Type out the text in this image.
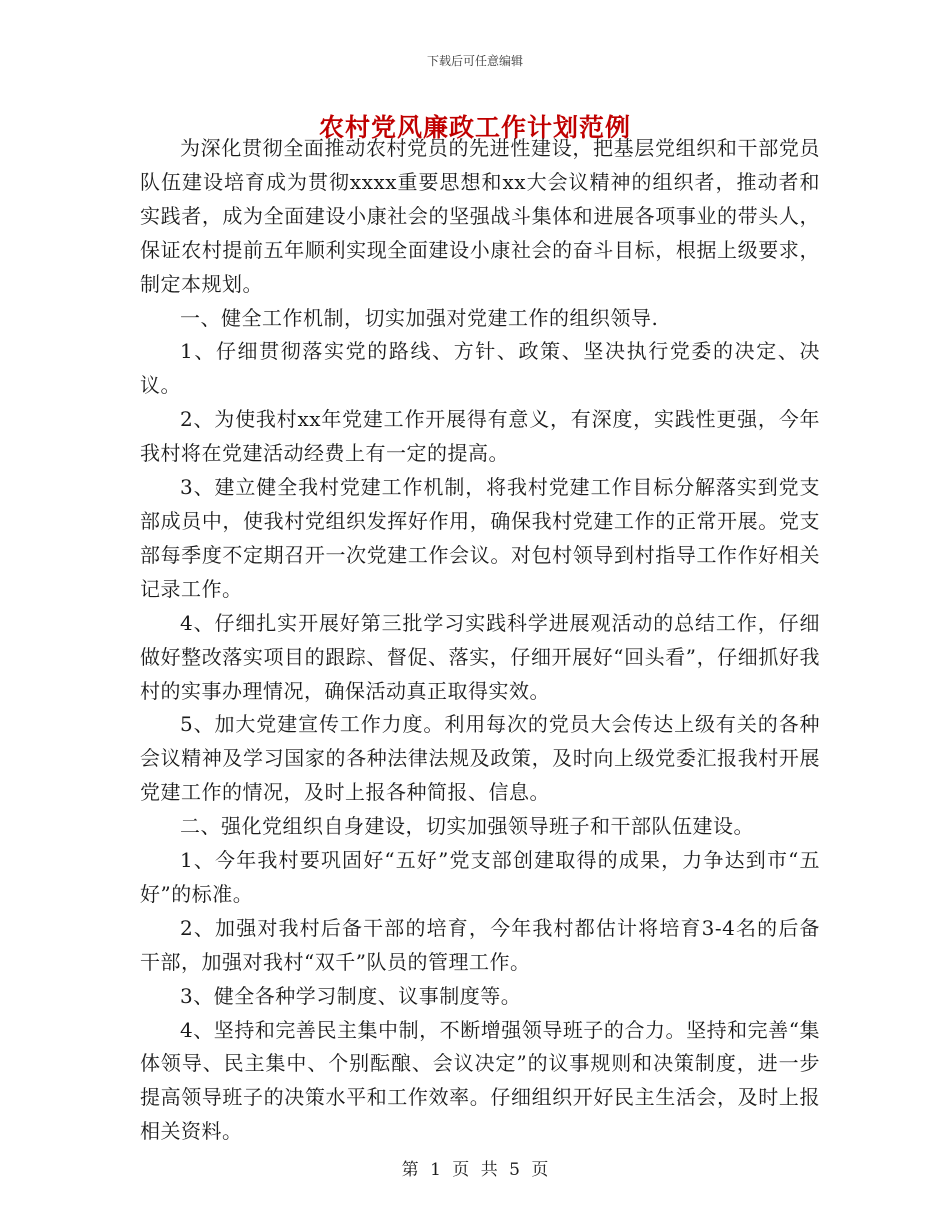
下载后可任意编辑
农村党风廉政工作计划范例

为深化贯彻全面推动农村党员的先进性建设，把基层党组织和干部党员队伍建设培育成为贯彻xxxx重要思想和xx大会议精神的组织者，推动者和实践者，成为全面建设小康社会的坚强战斗集体和进展各项事业的带头人，保证农村提前五年顺利实现全面建设小康社会的奋斗目标，根据上级要求，制定本规划。

一、健全工作机制，切实加强对党建工作的组织领导.

1、仔细贯彻落实党的路线、方针、政策、坚决执行党委的决定、决议。

2、为使我村xx年党建工作开展得有意义，有深度，实践性更强，今年我村将在党建活动经费上有一定的提高。

3、建立健全我村党建工作机制，将我村党建工作目标分解落实到党支部成员中，使我村党组织发挥好作用，确保我村党建工作的正常开展。党支部每季度不定期召开一次党建工作会议。对包村领导到村指导工作作好相关记录工作。

4、仔细扎实开展好第三批学习实践科学进展观活动的总结工作，仔细做好整改落实项目的跟踪、督促、落实，仔细开展好“回头看”，仔细抓好我村的实事办理情况，确保活动真正取得实效。

5、加大党建宣传工作力度。利用每次的党员大会传达上级有关的各种会议精神及学习国家的各种法律法规及政策，及时向上级党委汇报我村开展党建工作的情况，及时上报各种简报、信息。

二、强化党组织自身建设，切实加强领导班子和干部队伍建设。

1、今年我村要巩固好“五好”党支部创建取得的成果，力争达到市“五好”的标准。

2、加强对我村后备干部的培育，今年我村都估计将培育3-4名的后备干部，加强对我村“双千”队员的管理工作。

3、健全各种学习制度、议事制度等。

4、坚持和完善民主集中制，不断增强领导班子的合力。坚持和完善“集体领导、民主集中、个别酝酿、会议决定”的议事规则和决策制度，进一步提高领导班子的决策水平和工作效率。仔细组织开好民主生活会，及时上报相关资料。

第 1 页 共 5 页
